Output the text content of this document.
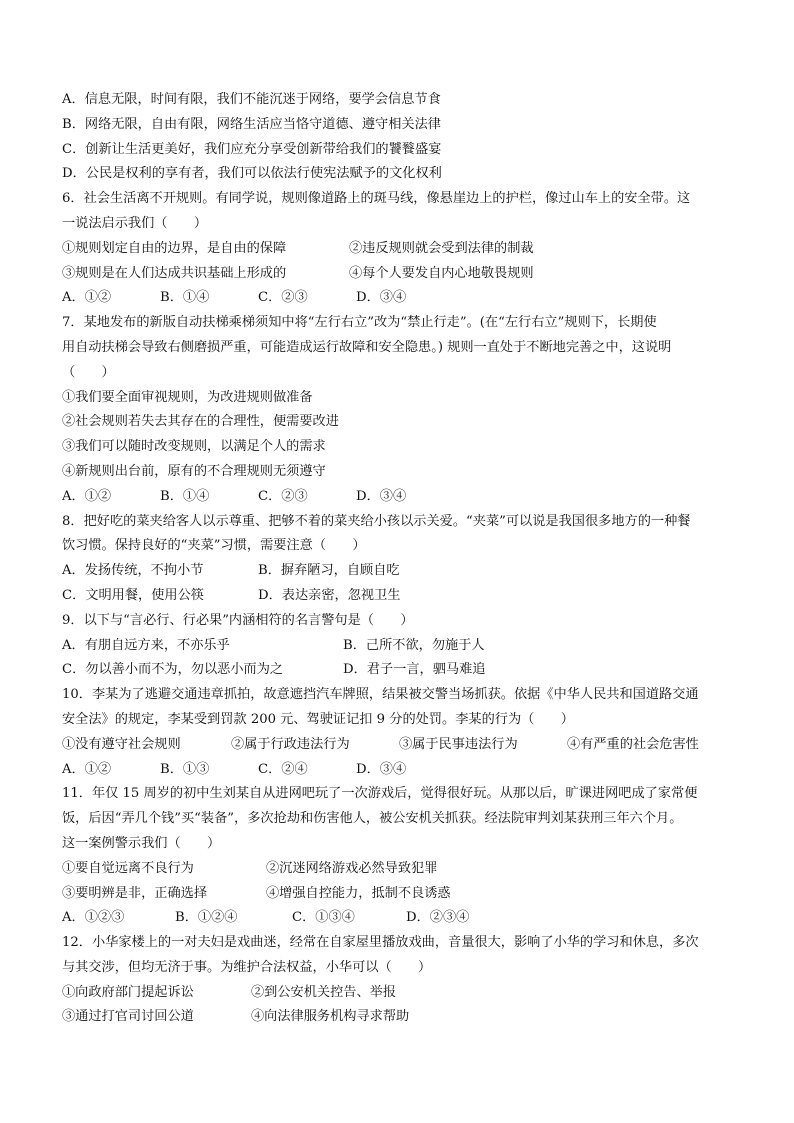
A．信息无限，时间有限，我们不能沉迷于网络，要学会信息节食
B．网络无限，自由有限，网络生活应当恪守道德、遵守相关法律
C．创新让生活更美好，我们应充分享受创新带给我们的饕餮盛宴
D．公民是权利的享有者，我们可以依法行使宪法赋予的文化权利
6．社会生活离不开规则。有同学说，规则像道路上的斑马线，像悬崖边上的护栏，像过山车上的安全带。这
一说法启示我们（　　）
①规则划定自由的边界，是自由的保障	②违反规则就会受到法律的制裁
③规则是在人们达成共识基础上形成的	④每个人要发自内心地敬畏规则
A．①②	B．①④	C．②③	D．③④
7．某地发布的新版自动扶梯乘梯须知中将“左行右立”改为“禁止行走”。(在“左行右立”规则下，长期使
用自动扶梯会导致右侧磨损严重，可能造成运行故障和安全隐患。) 规则一直处于不断地完善之中，这说明
（　　）
①我们要全面审视规则，为改进规则做准备
②社会规则若失去其存在的合理性，便需要改进
③我们可以随时改变规则，以满足个人的需求
④新规则出台前，原有的不合理规则无须遵守
A．①②	B．①④	C．②③	D．③④
8．把好吃的菜夹给客人以示尊重、把够不着的菜夹给小孩以示关爱。“夹菜”可以说是我国很多地方的一种餐
饮习惯。保持良好的“夹菜”习惯，需要注意（　　）
A．发扬传统，不拘小节	B．摒弃陋习，自顾自吃
C．文明用餐，使用公筷	D．表达亲密，忽视卫生
9．以下与“言必行、行必果”内涵相符的名言警句是（　　）
A．有朋自远方来，不亦乐乎	B．己所不欲，勿施于人
C．勿以善小而不为，勿以恶小而为之	D．君子一言，驷马难追
10．李某为了逃避交通违章抓拍，故意遮挡汽车牌照，结果被交警当场抓获。依据《中华人民共和国道路交通
安全法》的规定，李某受到罚款 200 元、驾驶证记扣 9 分的处罚。李某的行为（　　）
①没有遵守社会规则	②属于行政违法行为	③属于民事违法行为	④有严重的社会危害性
A．①②	B．①③	C．②④	D．③④
11．年仅 15 周岁的初中生刘某自从进网吧玩了一次游戏后，觉得很好玩。从那以后，旷课进网吧成了家常便
饭，后因“弄几个钱”买“装备”，多次抢劫和伤害他人，被公安机关抓获。经法院审判刘某获刑三年六个月。
这一案例警示我们（　　）
①要自觉远离不良行为	②沉迷网络游戏必然导致犯罪
③要明辨是非，正确选择	④增强自控能力，抵制不良诱惑
A．①②③	B．①②④	C．①③④	D．②③④
12．小华家楼上的一对夫妇是戏曲迷，经常在自家屋里播放戏曲，音量很大，影响了小华的学习和休息，多次
与其交涉，但均无济于事。为维护合法权益，小华可以（　　）
①向政府部门提起诉讼	②到公安机关控告、举报
③通过打官司讨回公道	④向法律服务机构寻求帮助
